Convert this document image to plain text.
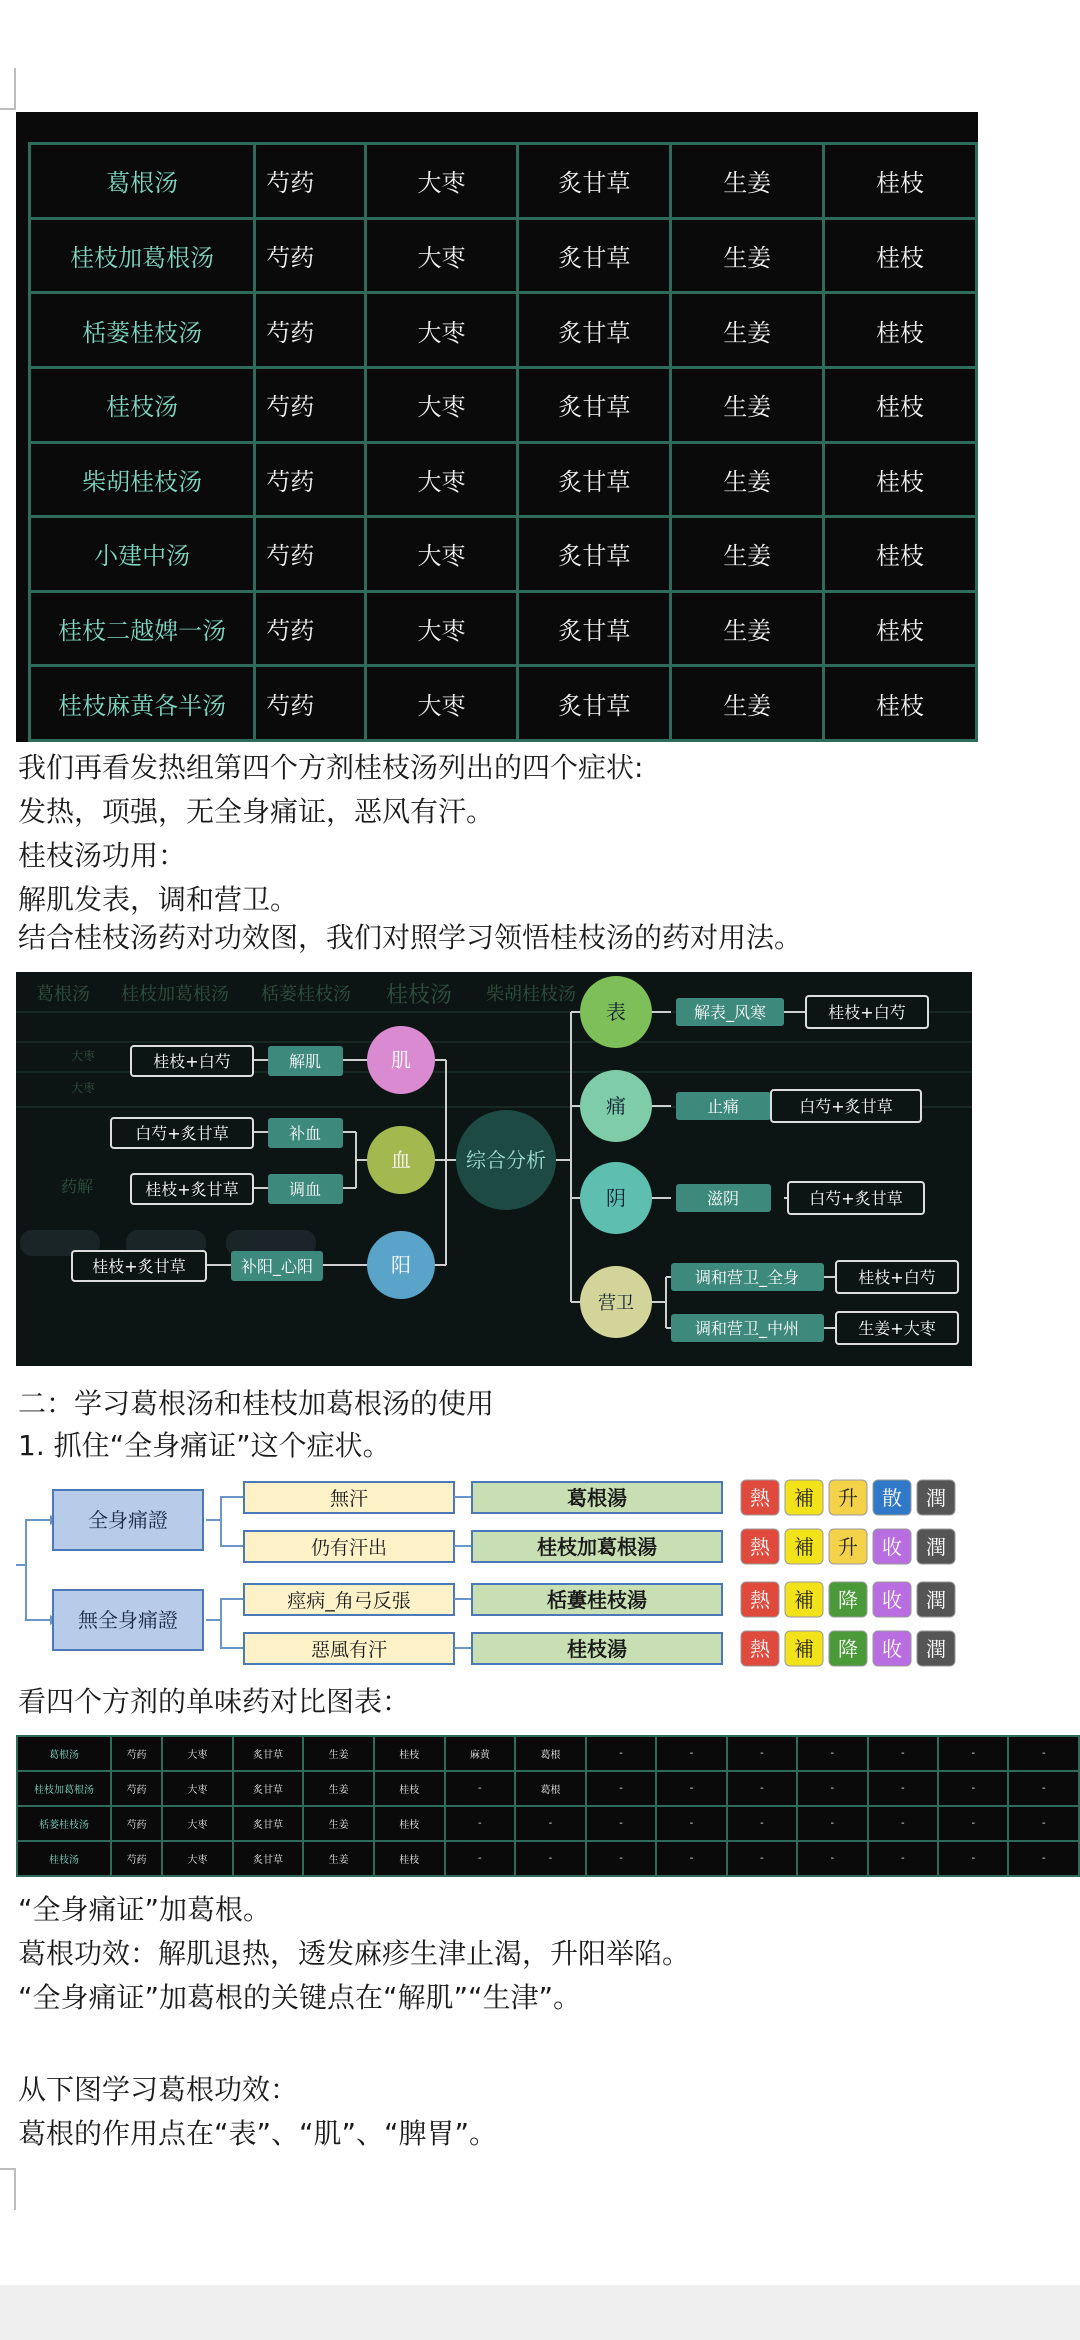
葛根汤	芍药	大枣	炙甘草	生姜	桂枝
桂枝加葛根汤	芍药	大枣	炙甘草	生姜	桂枝
栝蒌桂枝汤	芍药	大枣	炙甘草	生姜	桂枝
桂枝汤	芍药	大枣	炙甘草	生姜	桂枝
柴胡桂枝汤	芍药	大枣	炙甘草	生姜	桂枝
小建中汤	芍药	大枣	炙甘草	生姜	桂枝
桂枝二越婢一汤	芍药	大枣	炙甘草	生姜	桂枝
桂枝麻黄各半汤	芍药	大枣	炙甘草	生姜	桂枝
我们再看发热组第四个方剂桂枝汤列出的四个症状:
发热，项强，无全身痛证，恶风有汗。
桂枝汤功用：
解肌发表，调和营卫。
结合桂枝汤药对功效图，我们对照学习领悟桂枝汤的药对用法。
葛根汤 桂枝加葛根汤 栝蒌桂枝汤 桂枝汤 柴胡桂枝汤
大枣
大枣
药解
桂枝+白芍	解肌
白芍+炙甘草	补血
桂枝+炙甘草	调血
桂枝+炙甘草	补阳_心阳
肌
血
阳
综合分析
表
痛
阴
营卫
解表_风寒	桂枝+白芍
止痛	白芍+炙甘草
滋阴	白芍+炙甘草
调和营卫_全身	桂枝+白芍
调和营卫_中州	生姜+大枣
二：学习葛根汤和桂枝加葛根汤的使用
1. 抓住“全身痛证”这个症状。
全身痛證
無全身痛證
無汗	葛根湯	熱 補 升 散 潤
仍有汗出	桂枝加葛根湯	熱 補 升 收 潤
痙病_角弓反張	栝蔞桂枝湯	熱 補 降 收 潤
惡風有汗	桂枝湯	熱 補 降 收 潤
看四个方剂的单味药对比图表：
葛根汤	芍药	大枣	炙甘草	生姜	桂枝	麻黄	葛根	-	-	-	-	-	-	-
桂枝加葛根汤	芍药	大枣	炙甘草	生姜	桂枝	-	葛根	-	-	-	-	-	-	-
栝蒌桂枝汤	芍药	大枣	炙甘草	生姜	桂枝	-	-	-	-	-	-	-	-	-
桂枝汤	芍药	大枣	炙甘草	生姜	桂枝	-	-	-	-	-	-	-	-	-
“全身痛证”加葛根。
葛根功效：解肌退热，透发麻疹生津止渴，升阳举陷。
“全身痛证”加葛根的关键点在“解肌”“生津”。
从下图学习葛根功效：
葛根的作用点在“表”、“肌”、“脾胃”。
